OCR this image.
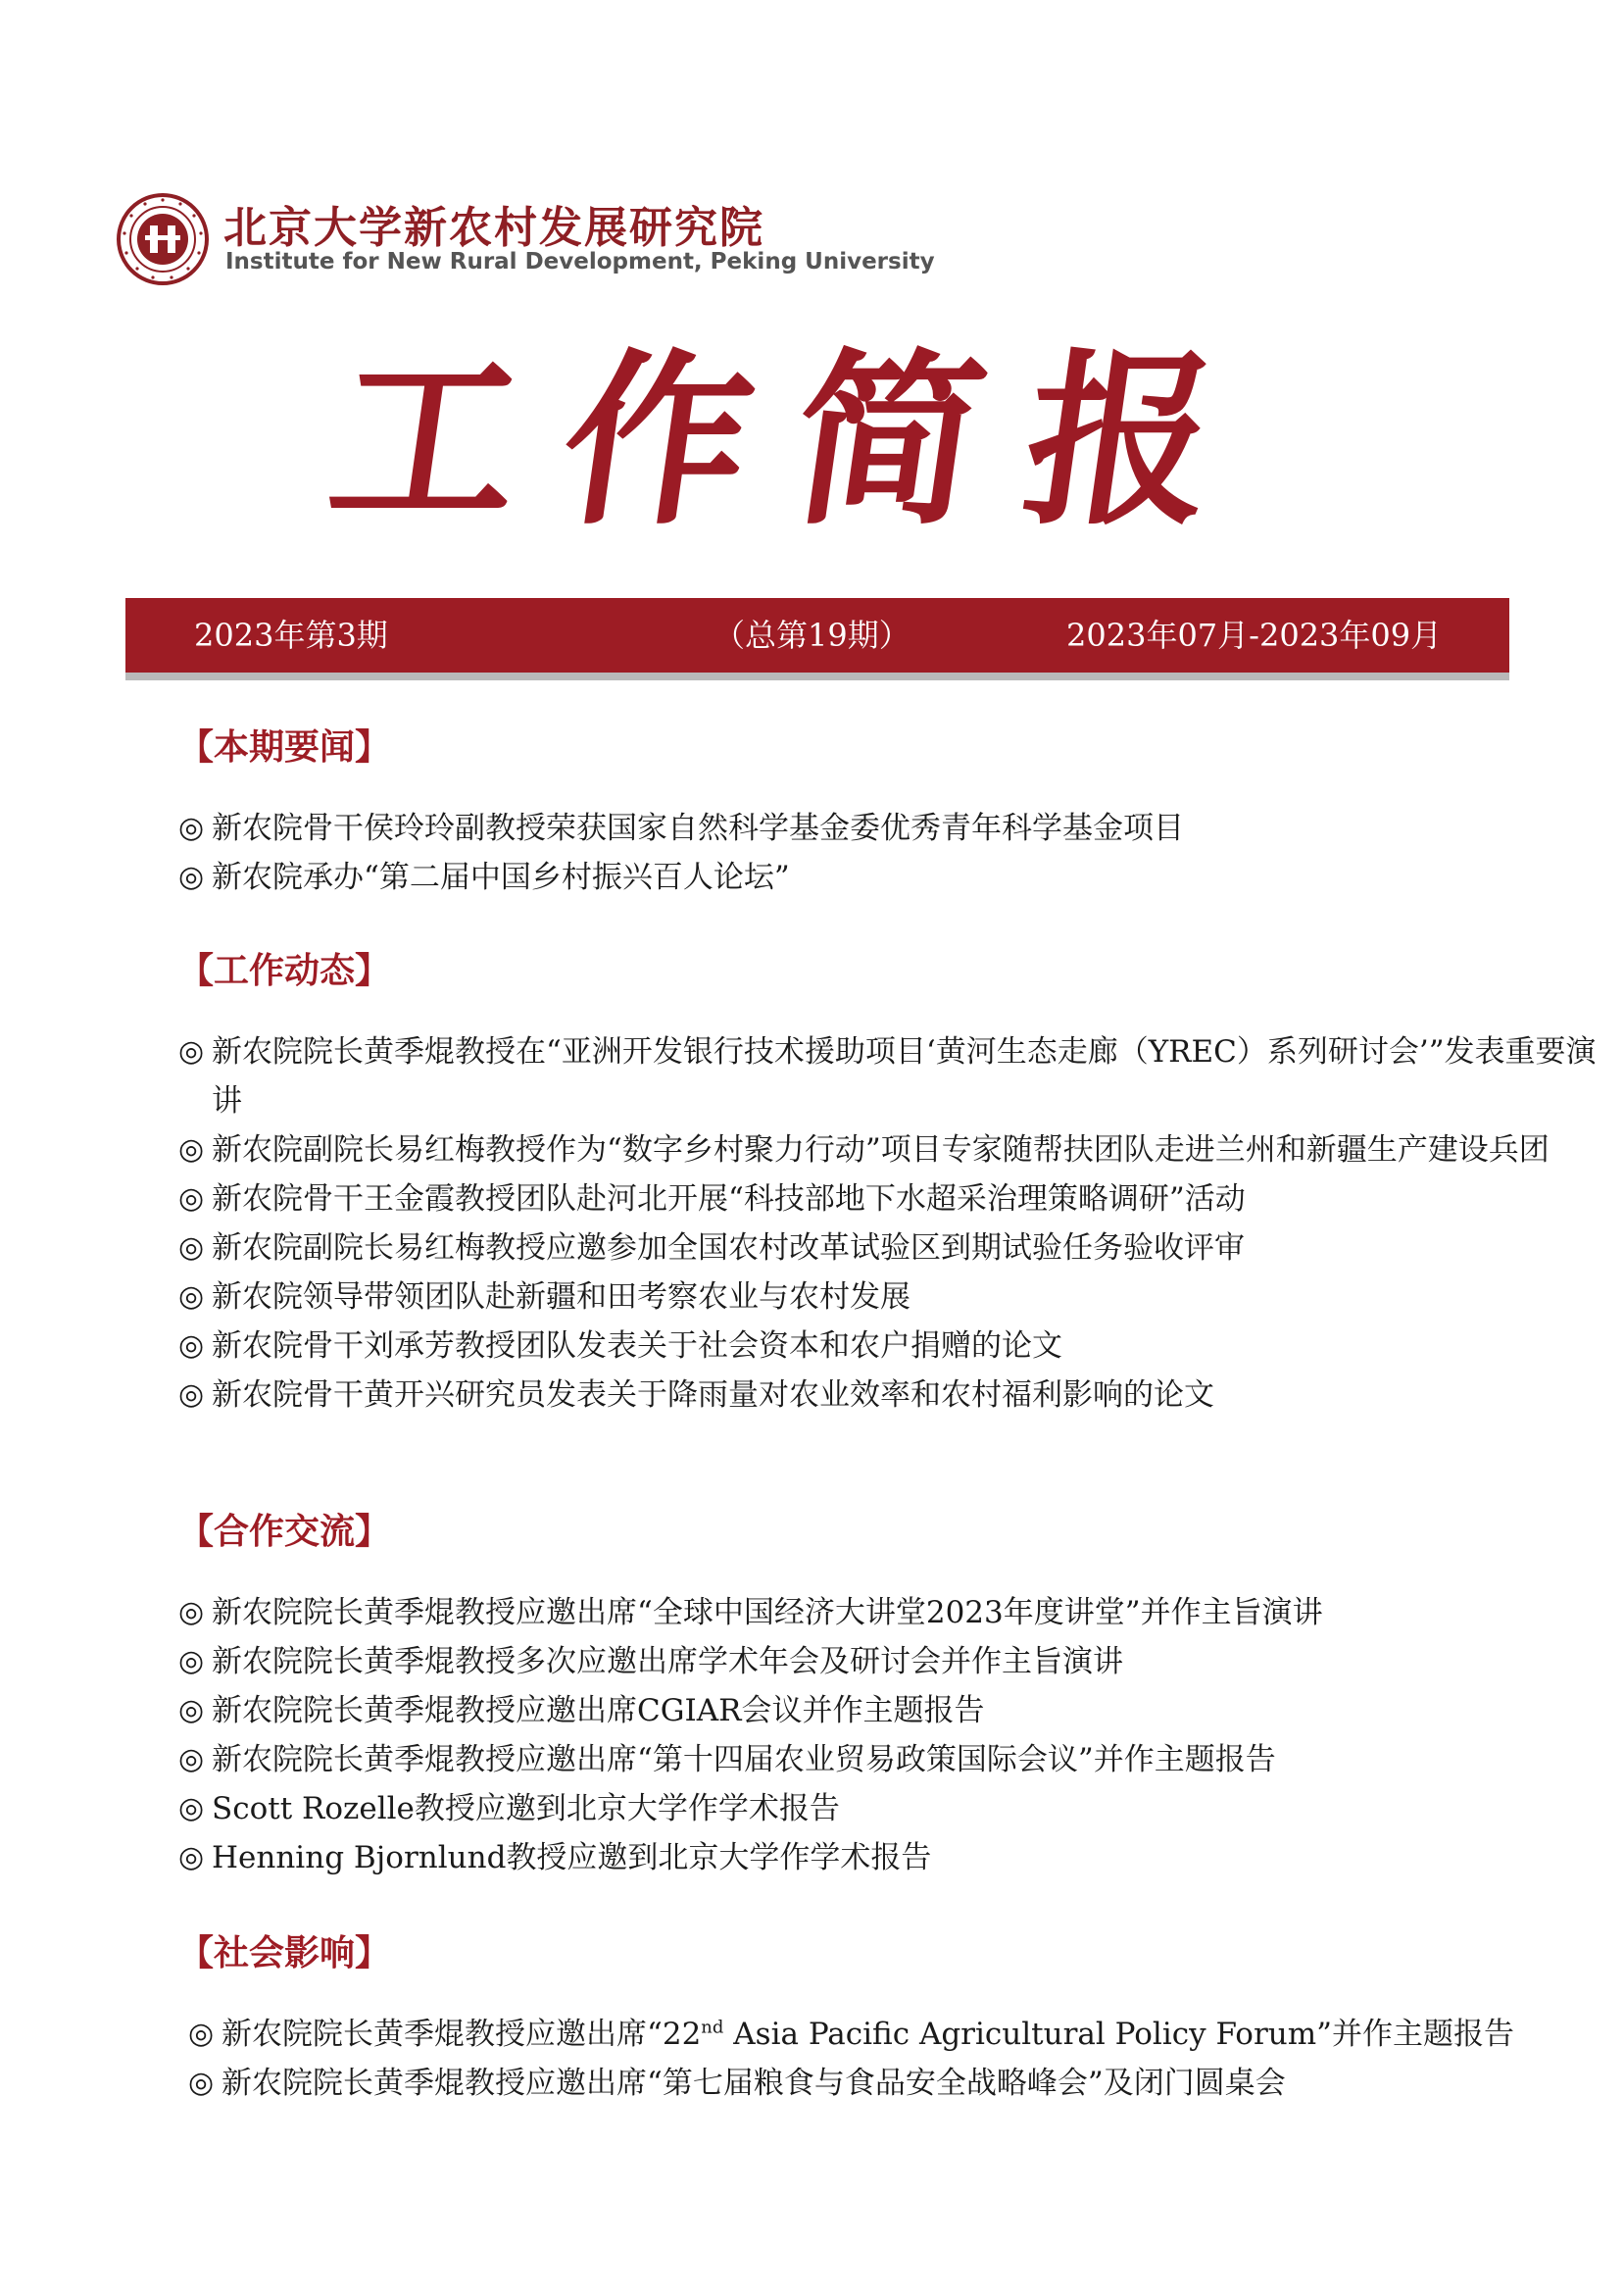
北京大学新农村发展研究院
Institute for New Rural Development, Peking University
工作简报
2023年第3期	（总第19期）	2023年07月-2023年09月
【本期要闻】
◎ 新农院骨干侯玲玲副教授荣获国家自然科学基金委优秀青年科学基金项目
◎ 新农院承办“第二届中国乡村振兴百人论坛”
【工作动态】
◎ 新农院院长黄季焜教授在“亚洲开发银行技术援助项目‘黄河生态走廊（YREC）系列研讨会’”发表重要演讲
◎ 新农院副院长易红梅教授作为“数字乡村聚力行动”项目专家随帮扶团队走进兰州和新疆生产建设兵团
◎ 新农院骨干王金霞教授团队赴河北开展“科技部地下水超采治理策略调研”活动
◎ 新农院副院长易红梅教授应邀参加全国农村改革试验区到期试验任务验收评审
◎ 新农院领导带领团队赴新疆和田考察农业与农村发展
◎ 新农院骨干刘承芳教授团队发表关于社会资本和农户捐赠的论文
◎ 新农院骨干黄开兴研究员发表关于降雨量对农业效率和农村福利影响的论文
【合作交流】
◎ 新农院院长黄季焜教授应邀出席“全球中国经济大讲堂2023年度讲堂”并作主旨演讲
◎ 新农院院长黄季焜教授多次应邀出席学术年会及研讨会并作主旨演讲
◎ 新农院院长黄季焜教授应邀出席CGIAR会议并作主题报告
◎ 新农院院长黄季焜教授应邀出席“第十四届农业贸易政策国际会议”并作主题报告
◎ Scott Rozelle教授应邀到北京大学作学术报告
◎ Henning Bjornlund教授应邀到北京大学作学术报告
【社会影响】
◎ 新农院院长黄季焜教授应邀出席“22nd Asia Pacific Agricultural Policy Forum”并作主题报告
◎ 新农院院长黄季焜教授应邀出席“第七届粮食与食品安全战略峰会”及闭门圆桌会
